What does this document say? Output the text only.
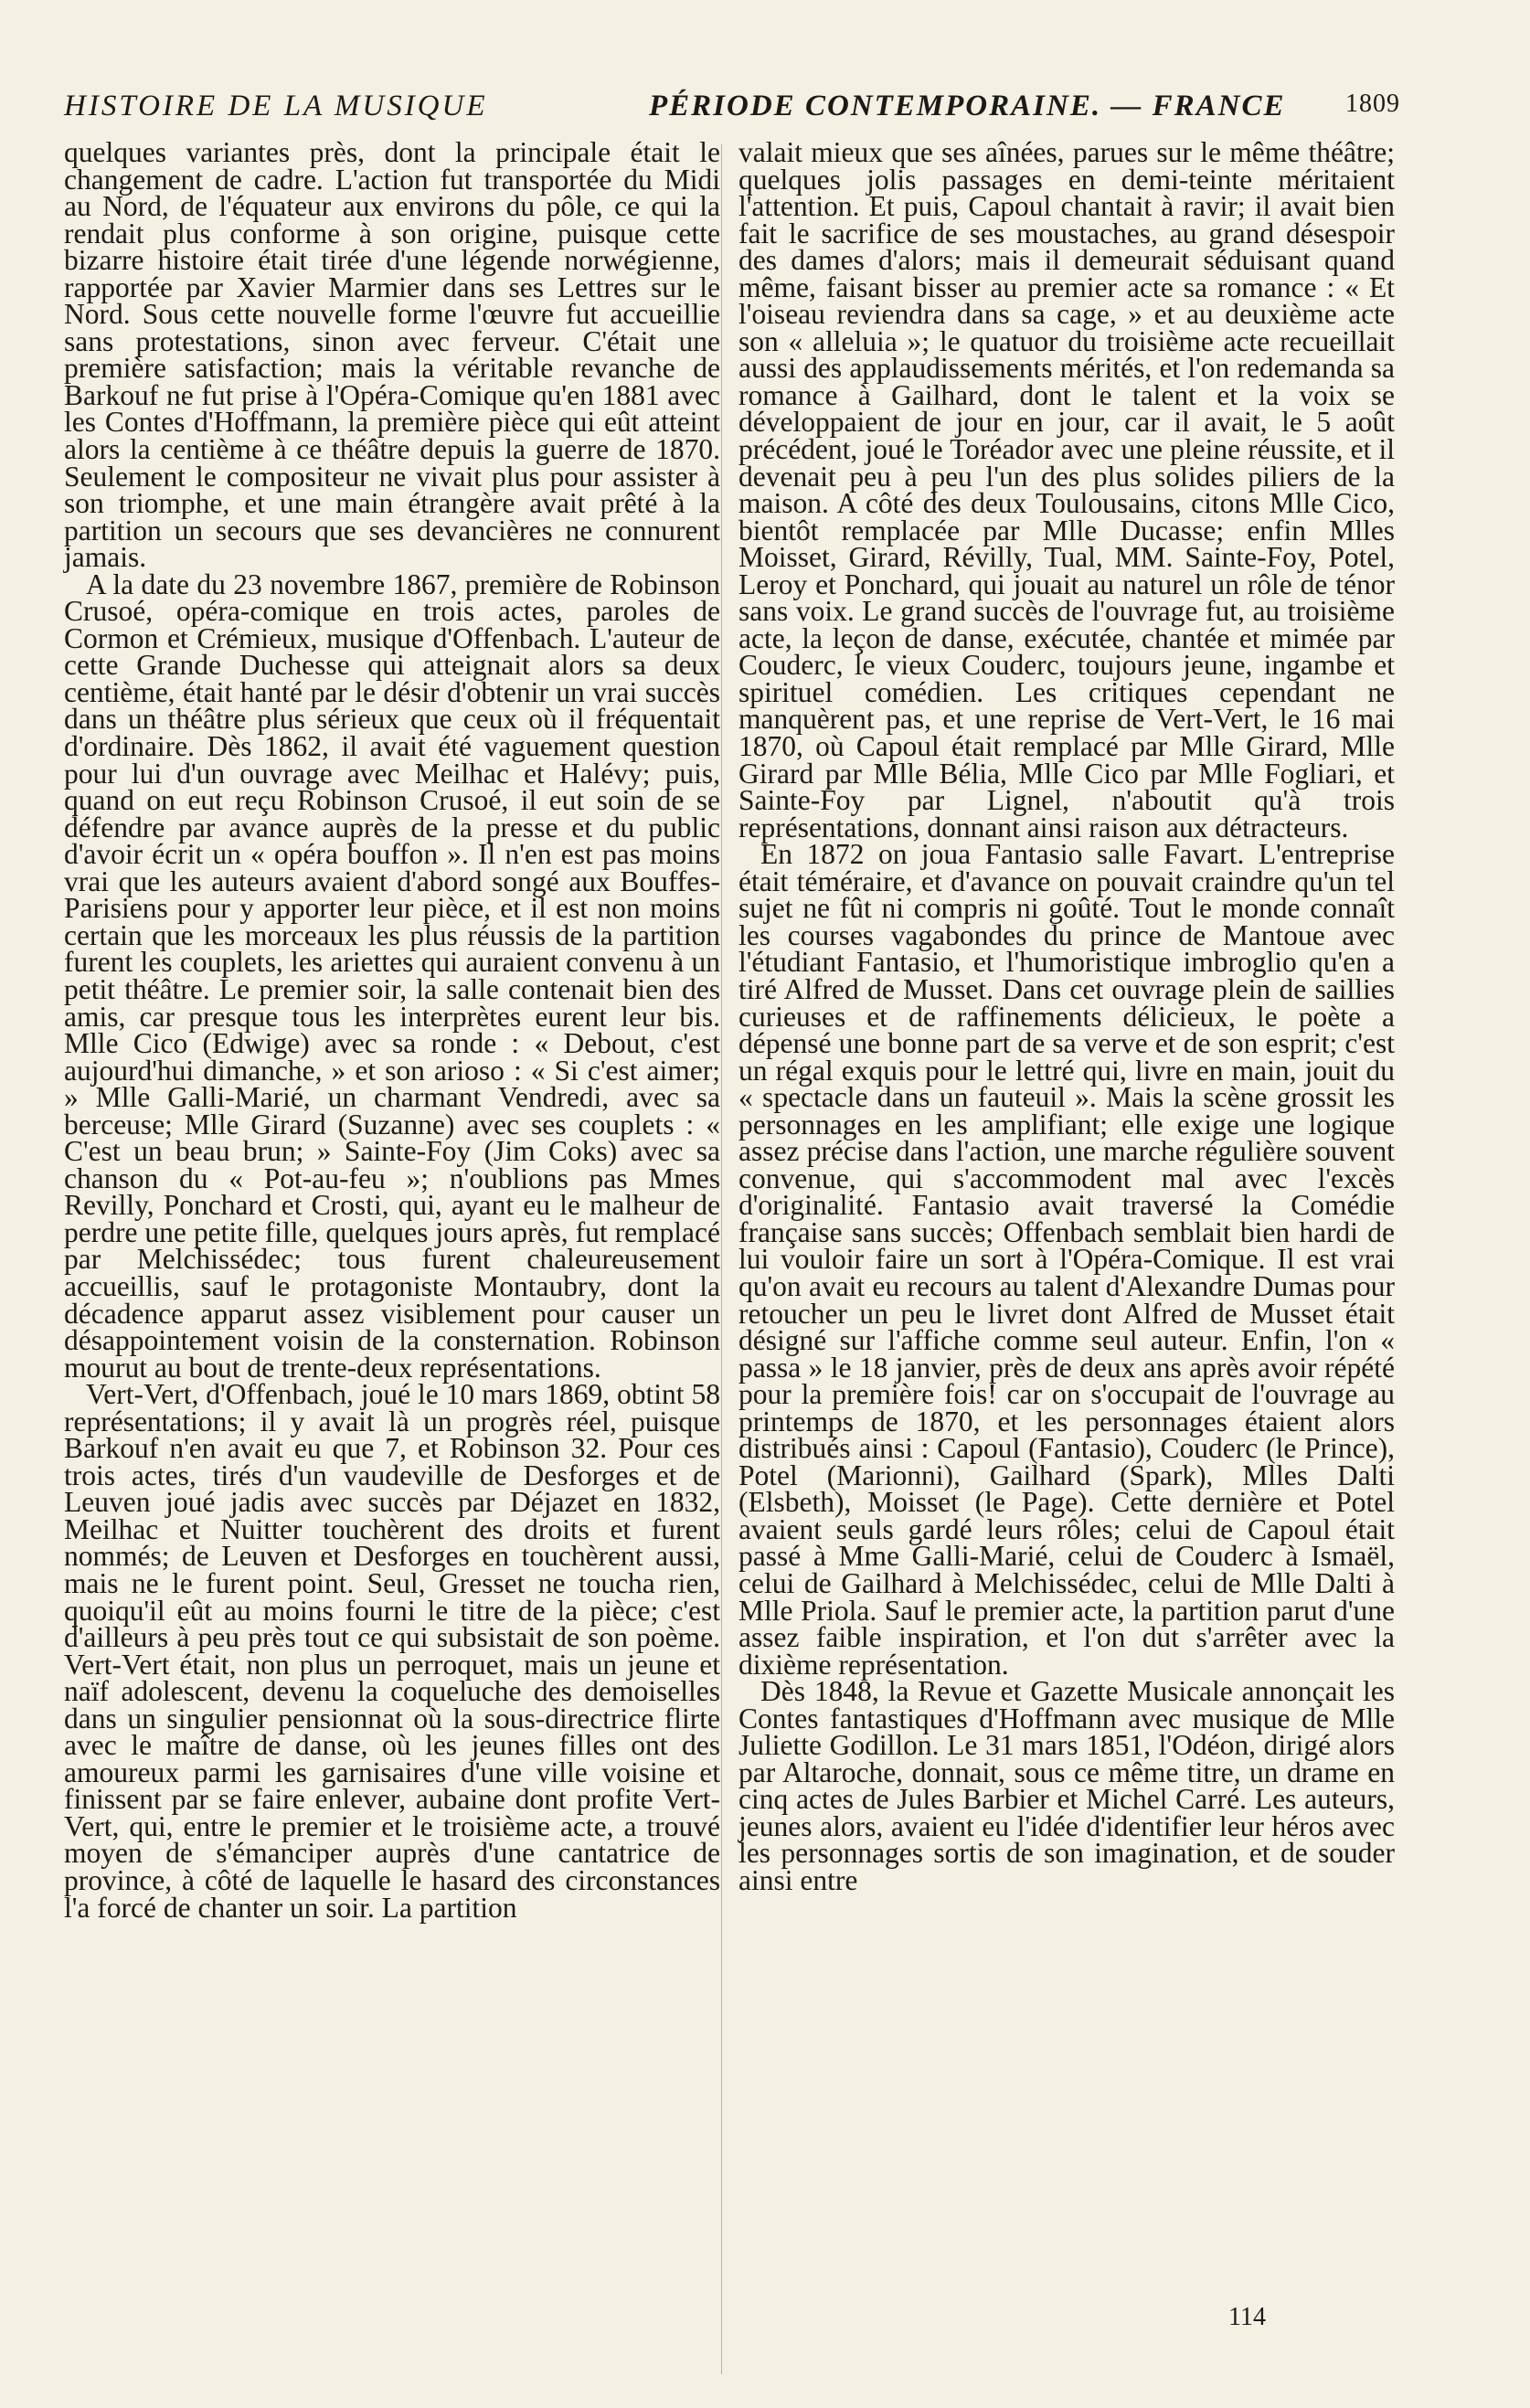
HISTOIRE DE LA MUSIQUE	PÉRIODE CONTEMPORAINE. — FRANCE 1809

quelques variantes près, dont la principale était le changement de cadre. L'action fut transportée du Midi au Nord, de l'équateur aux environs du pôle, ce qui la rendait plus conforme à son origine, puisque cette bizarre histoire était tirée d'une légende norwégienne, rapportée par Xavier Marmier dans ses Lettres sur le Nord. Sous cette nouvelle forme l'œuvre fut accueillie sans protestations, sinon avec ferveur. C'était une première satisfaction; mais la véritable revanche de Barkouf ne fut prise à l'Opéra-Comique qu'en 1881 avec les Contes d'Hoffmann, la première pièce qui eût atteint alors la centième à ce théâtre depuis la guerre de 1870. Seulement le compositeur ne vivait plus pour assister à son triomphe, et une main étrangère avait prêté à la partition un secours que ses devancières ne connurent jamais.

A la date du 23 novembre 1867, première de Robinson Crusoé, opéra-comique en trois actes, paroles de Cormon et Crémieux, musique d'Offenbach. L'auteur de cette Grande Duchesse qui atteignait alors sa deux centième, était hanté par le désir d'obtenir un vrai succès dans un théâtre plus sérieux que ceux où il fréquentait d'ordinaire. Dès 1862, il avait été vaguement question pour lui d'un ouvrage avec Meilhac et Halévy; puis, quand on eut reçu Robinson Crusoé, il eut soin de se défendre par avance auprès de la presse et du public d'avoir écrit un « opéra bouffon ». Il n'en est pas moins vrai que les auteurs avaient d'abord songé aux Bouffes-Parisiens pour y apporter leur pièce, et il est non moins certain que les morceaux les plus réussis de la partition furent les couplets, les ariettes qui auraient convenu à un petit théâtre. Le premier soir, la salle contenait bien des amis, car presque tous les interprètes eurent leur bis. Mlle Cico (Edwige) avec sa ronde : « Debout, c'est aujourd'hui dimanche, » et son arioso : « Si c'est aimer; » Mlle Galli-Marié, un charmant Vendredi, avec sa berceuse; Mlle Girard (Suzanne) avec ses couplets : « C'est un beau brun; » Sainte-Foy (Jim Coks) avec sa chanson du « Pot-au-feu »; n'oublions pas Mmes Revilly, Ponchard et Crosti, qui, ayant eu le malheur de perdre une petite fille, quelques jours après, fut remplacé par Melchissédec; tous furent chaleureusement accueillis, sauf le protagoniste Montaubry, dont la décadence apparut assez visiblement pour causer un désappointement voisin de la consternation. Robinson mourut au bout de trente-deux représentations.

Vert-Vert, d'Offenbach, joué le 10 mars 1869, obtint 58 représentations; il y avait là un progrès réel, puisque Barkouf n'en avait eu que 7, et Robinson 32. Pour ces trois actes, tirés d'un vaudeville de Desforges et de Leuven joué jadis avec succès par Déjazet en 1832, Meilhac et Nuitter touchèrent des droits et furent nommés; de Leuven et Desforges en touchèrent aussi, mais ne le furent point. Seul, Gresset ne toucha rien, quoiqu'il eût au moins fourni le titre de la pièce; c'est d'ailleurs à peu près tout ce qui subsistait de son poème. Vert-Vert était, non plus un perroquet, mais un jeune et naïf adolescent, devenu la coqueluche des demoiselles dans un singulier pensionnat où la sous-directrice flirte avec le maître de danse, où les jeunes filles ont des amoureux parmi les garnisaires d'une ville voisine et finissent par se faire enlever, aubaine dont profite Vert-Vert, qui, entre le premier et le troisième acte, a trouvé moyen de s'émanciper auprès d'une cantatrice de province, à côté de laquelle le hasard des circonstances l'a forcé de chanter un soir. La partition

valait mieux que ses aînées, parues sur le même théâtre; quelques jolis passages en demi-teinte méritaient l'attention. Et puis, Capoul chantait à ravir; il avait bien fait le sacrifice de ses moustaches, au grand désespoir des dames d'alors; mais il demeurait séduisant quand même, faisant bisser au premier acte sa romance : « Et l'oiseau reviendra dans sa cage, » et au deuxième acte son « alleluia »; le quatuor du troisième acte recueillait aussi des applaudissements mérités, et l'on redemanda sa romance à Gailhard, dont le talent et la voix se développaient de jour en jour, car il avait, le 5 août précédent, joué le Toréador avec une pleine réussite, et il devenait peu à peu l'un des plus solides piliers de la maison. A côté des deux Toulousains, citons Mlle Cico, bientôt remplacée par Mlle Ducasse; enfin Mlles Moisset, Girard, Révilly, Tual, MM. Sainte-Foy, Potel, Leroy et Ponchard, qui jouait au naturel un rôle de ténor sans voix. Le grand succès de l'ouvrage fut, au troisième acte, la leçon de danse, exécutée, chantée et mimée par Couderc, le vieux Couderc, toujours jeune, ingambe et spirituel comédien. Les critiques cependant ne manquèrent pas, et une reprise de Vert-Vert, le 16 mai 1870, où Capoul était remplacé par Mlle Girard, Mlle Girard par Mlle Bélia, Mlle Cico par Mlle Fogliari, et Sainte-Foy par Lignel, n'aboutit qu'à trois représentations, donnant ainsi raison aux détracteurs.

En 1872 on joua Fantasio salle Favart. L'entreprise était téméraire, et d'avance on pouvait craindre qu'un tel sujet ne fût ni compris ni goûté. Tout le monde connaît les courses vagabondes du prince de Mantoue avec l'étudiant Fantasio, et l'humoristique imbroglio qu'en a tiré Alfred de Musset. Dans cet ouvrage plein de saillies curieuses et de raffinements délicieux, le poète a dépensé une bonne part de sa verve et de son esprit; c'est un régal exquis pour le lettré qui, livre en main, jouit du « spectacle dans un fauteuil ». Mais la scène grossit les personnages en les amplifiant; elle exige une logique assez précise dans l'action, une marche régulière souvent convenue, qui s'accommodent mal avec l'excès d'originalité. Fantasio avait traversé la Comédie française sans succès; Offenbach semblait bien hardi de lui vouloir faire un sort à l'Opéra-Comique. Il est vrai qu'on avait eu recours au talent d'Alexandre Dumas pour retoucher un peu le livret dont Alfred de Musset était désigné sur l'affiche comme seul auteur. Enfin, l'on « passa » le 18 janvier, près de deux ans après avoir répété pour la première fois! car on s'occupait de l'ouvrage au printemps de 1870, et les personnages étaient alors distribués ainsi : Capoul (Fantasio), Couderc (le Prince), Potel (Marionni), Gailhard (Spark), Mlles Dalti (Elsbeth), Moisset (le Page). Cette dernière et Potel avaient seuls gardé leurs rôles; celui de Capoul était passé à Mme Galli-Marié, celui de Couderc à Ismaël, celui de Gailhard à Melchissédec, celui de Mlle Dalti à Mlle Priola. Sauf le premier acte, la partition parut d'une assez faible inspiration, et l'on dut s'arrêter avec la dixième représentation.

Dès 1848, la Revue et Gazette Musicale annonçait les Contes fantastiques d'Hoffmann avec musique de Mlle Juliette Godillon. Le 31 mars 1851, l'Odéon, dirigé alors par Altaroche, donnait, sous ce même titre, un drame en cinq actes de Jules Barbier et Michel Carré. Les auteurs, jeunes alors, avaient eu l'idée d'identifier leur héros avec les personnages sortis de son imagination, et de souder ainsi entre

114
